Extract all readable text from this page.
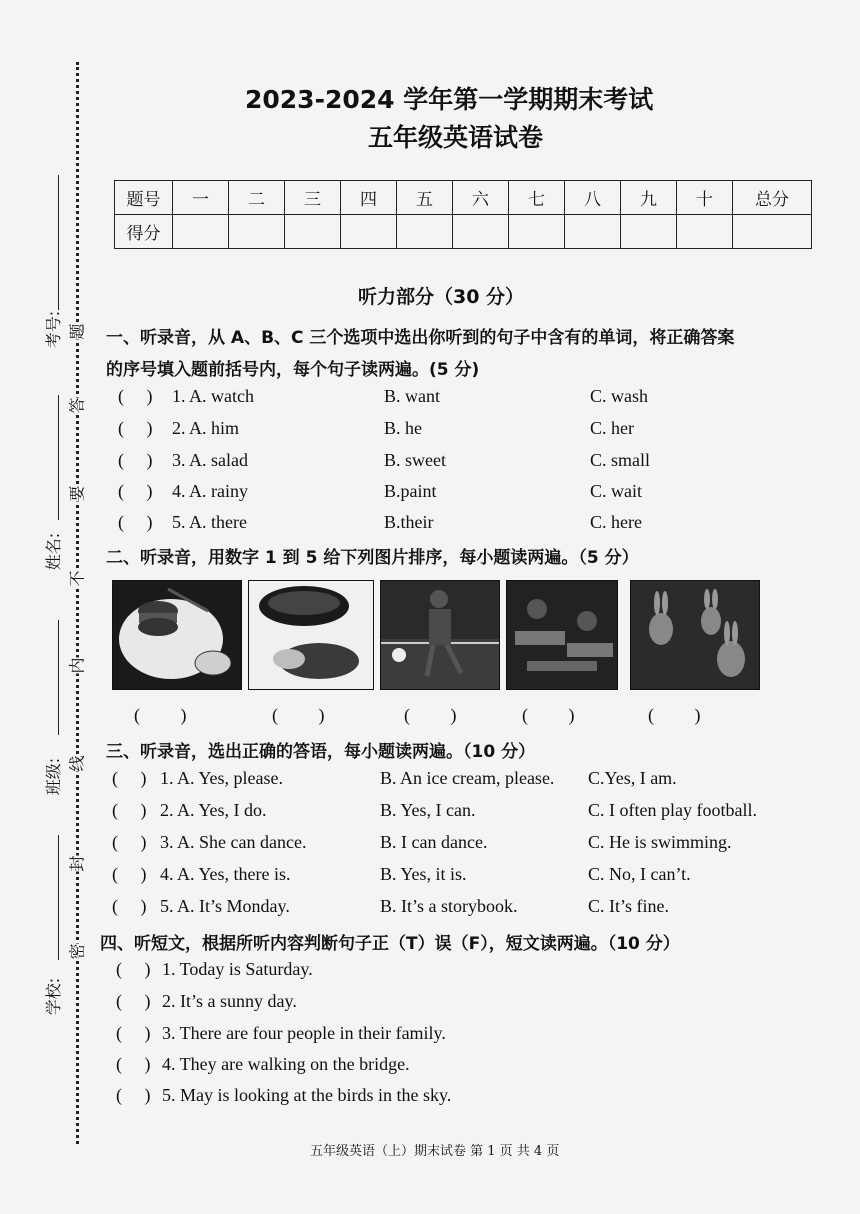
题
答
要
不
内
线
封
密
考号:
姓名:
班级:
学校:
2023-2024 学年第一学期期末考试
五年级英语试卷
题号	一	二	三	四	五	六	七	八	九	十	总分
得分											
听力部分（30 分）
一、听录音，从 A、B、C 三个选项中选出你听到的句子中含有的单词，将正确答案
的序号填入题前括号内，每个句子读两遍。(5 分)
(     ) 1. A. watch	B. want	C. wash
(     ) 2. A. him	B. he	C. her
(     ) 3. A. salad	B. sweet	C. small
(     ) 4. A. rainy	B.paint	C. wait
(     ) 5. A. there	B.their	C. here
二、听录音，用数字 1 到 5 给下列图片排序，每小题读两遍。（5 分）
(         )	(         )	(         )	(         )	(         )
三、听录音，选出正确的答语，每小题读两遍。（10 分）
(     ) 1. A. Yes, please.	B. An ice cream, please. C.Yes, I am.
(     ) 2. A. Yes, I do.	B. Yes, I can.	C. I often play football.
(     ) 3. A. She can dance.	B. I can dance.	C. He is swimming.
(     ) 4. A. Yes, there is.	B. Yes, it is.	C. No, I can’t.
(     ) 5. A. It’s Monday.	B. It’s a storybook.	C. It’s fine.
四、听短文，根据所听内容判断句子正（T）误（F），短文读两遍。（10 分）
(     ) 1. Today is Saturday.
(     ) 2. It’s a sunny day.
(     ) 3. There are four people in their family.
(     ) 4. They are walking on the bridge.
(     ) 5. May is looking at the birds in the sky.
五年级英语（上）期末试卷 第 1 页 共 4 页
